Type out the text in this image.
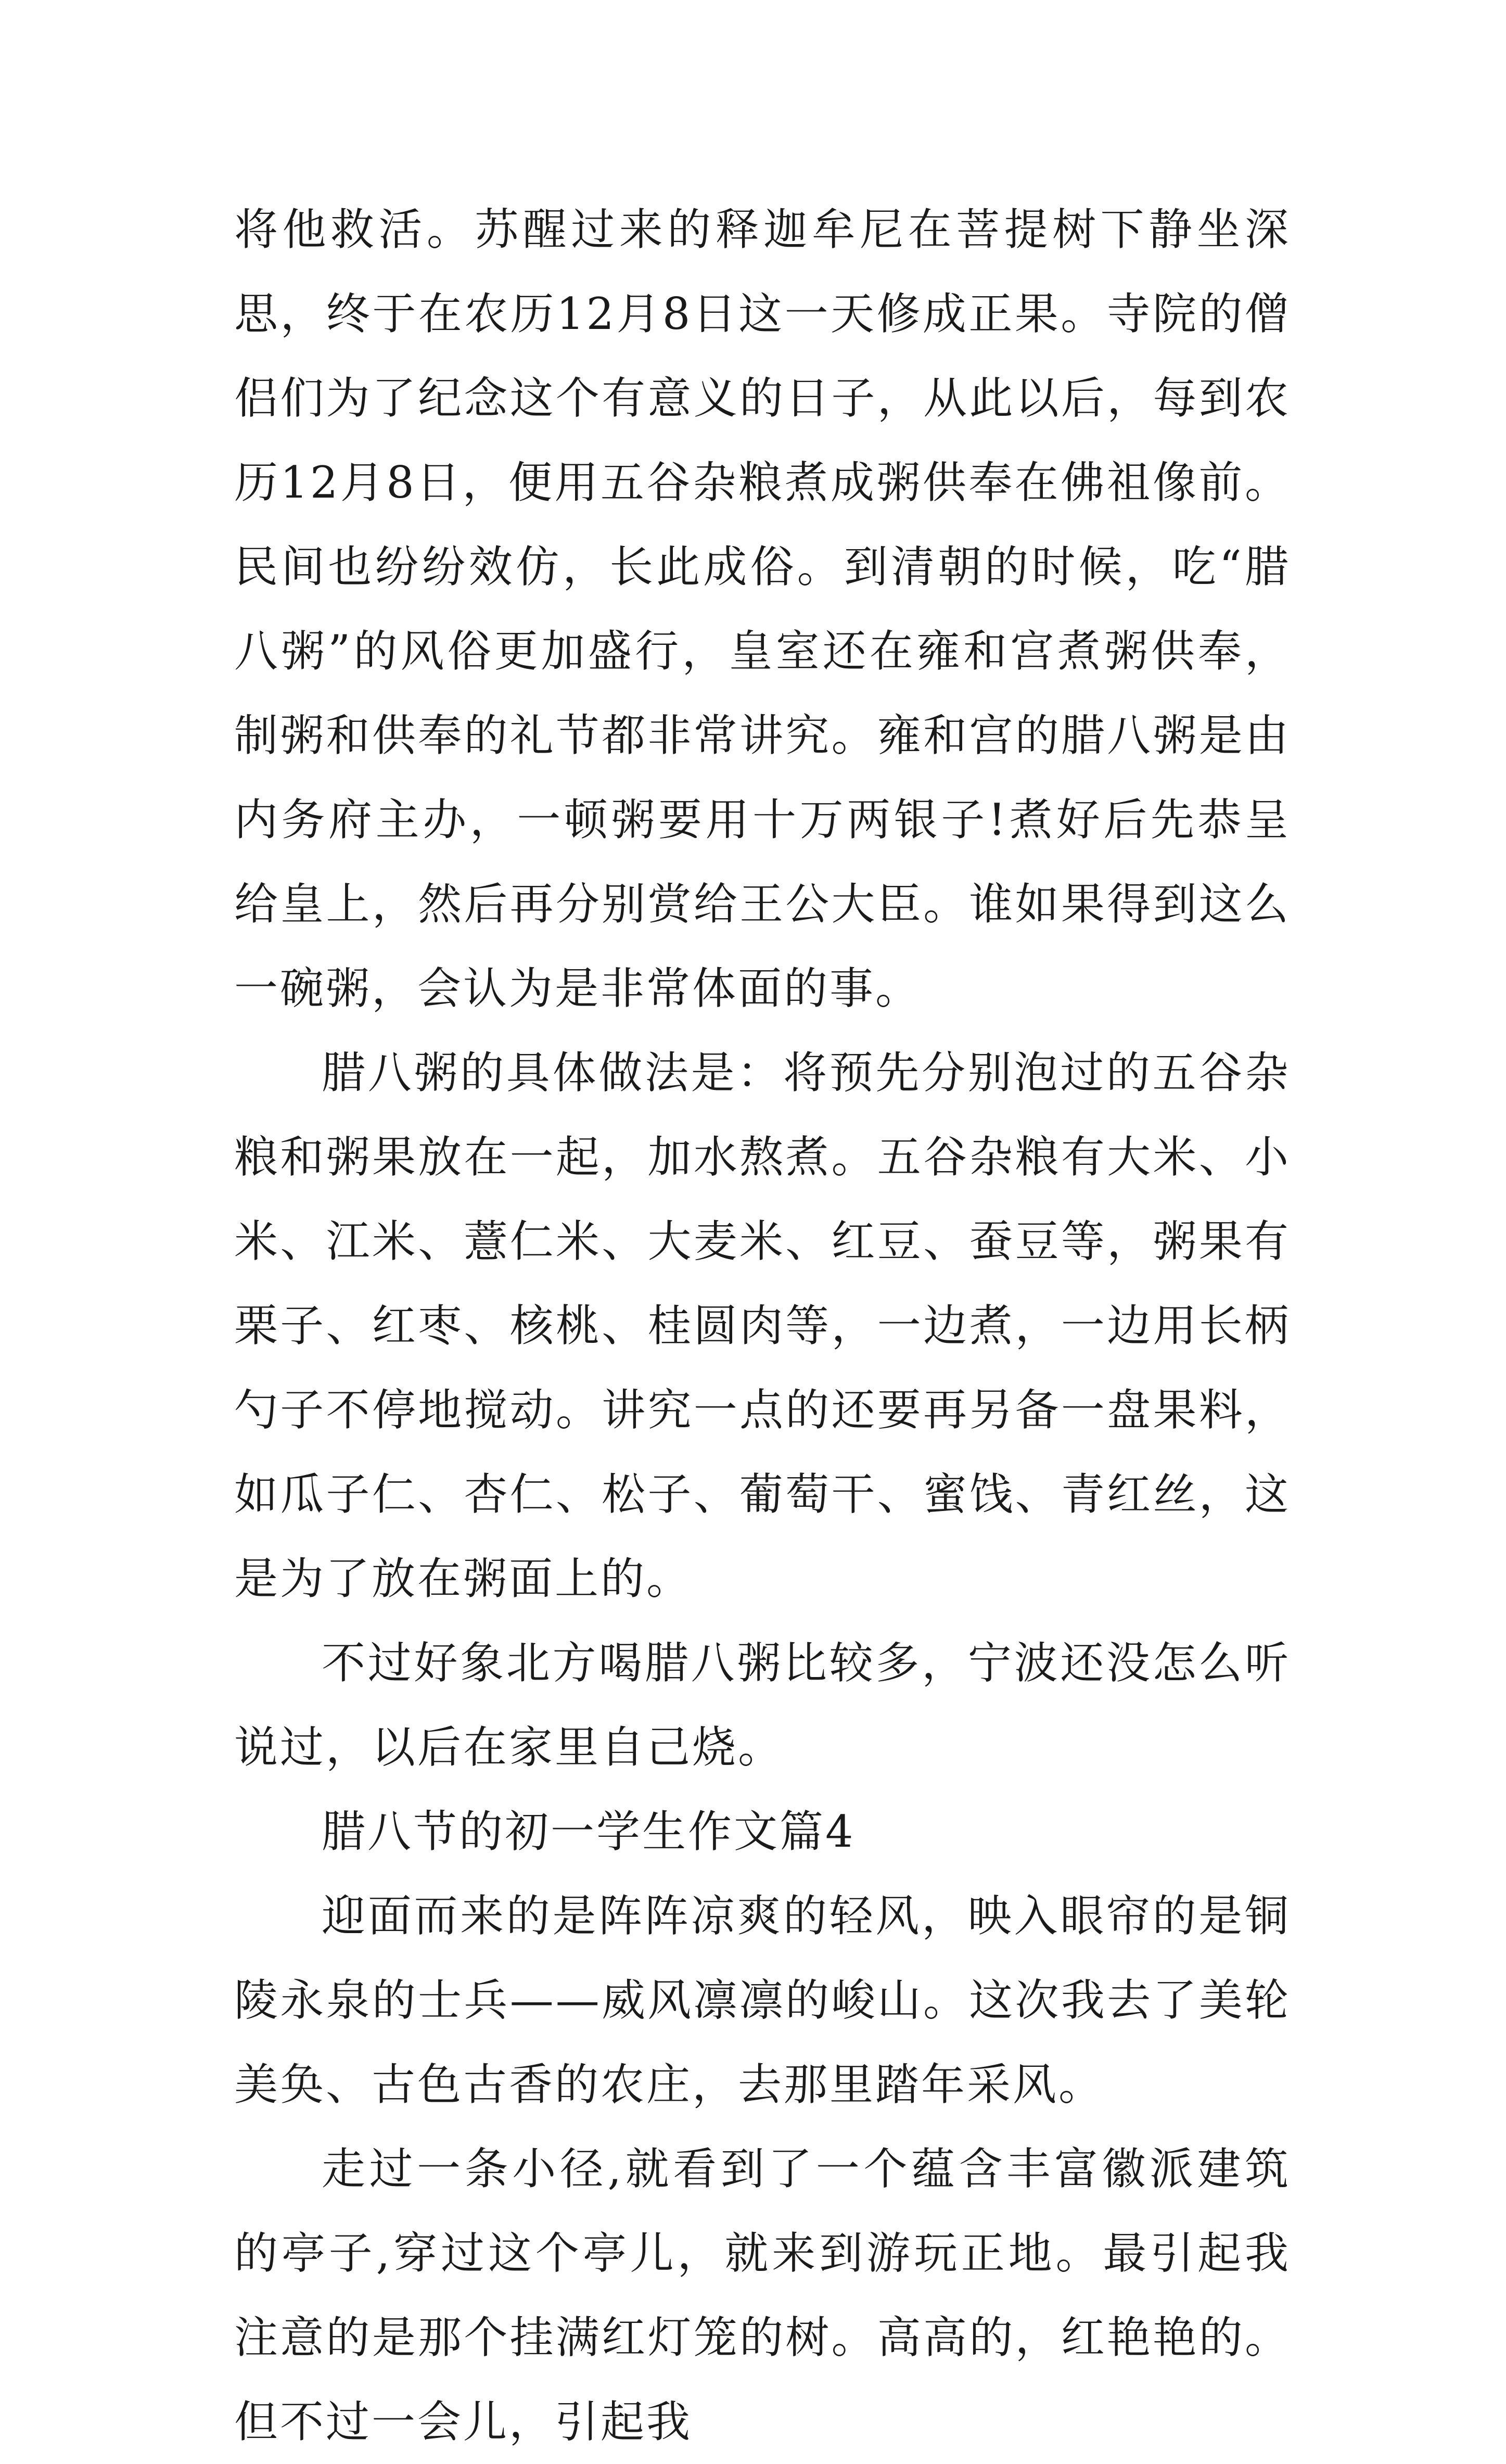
将他救活。苏醒过来的释迦牟尼在菩提树下静坐深思，终于在农历12月8日这一天修成正果。寺院的僧侣们为了纪念这个有意义的日子，从此以后，每到农历12月8日，便用五谷杂粮煮成粥供奉在佛祖像前。民间也纷纷效仿，长此成俗。到清朝的时候，吃“腊八粥”的风俗更加盛行，皇室还在雍和宫煮粥供奉，制粥和供奉的礼节都非常讲究。雍和宫的腊八粥是由内务府主办，一顿粥要用十万两银子!煮好后先恭呈给皇上，然后再分别赏给王公大臣。谁如果得到这么一碗粥，会认为是非常体面的事。

腊八粥的具体做法是：将预先分别泡过的五谷杂粮和粥果放在一起，加水熬煮。五谷杂粮有大米、小米、江米、薏仁米、大麦米、红豆、蚕豆等，粥果有栗子、红枣、核桃、桂圆肉等，一边煮，一边用长柄勺子不停地搅动。讲究一点的还要再另备一盘果料，如瓜子仁、杏仁、松子、葡萄干、蜜饯、青红丝，这是为了放在粥面上的。

不过好象北方喝腊八粥比较多，宁波还没怎么听说过，以后在家里自己烧。

腊八节的初一学生作文篇4

迎面而来的是阵阵凉爽的轻风，映入眼帘的是铜陵永泉的士兵——威风凛凛的峻山。这次我去了美轮美奂、古色古香的农庄，去那里踏年采风。

走过一条小径,就看到了一个蕴含丰富徽派建筑的亭子,穿过这个亭儿，就来到游玩正地。最引起我注意的是那个挂满红灯笼的树。高高的，红艳艳的。但不过一会儿，引起我
